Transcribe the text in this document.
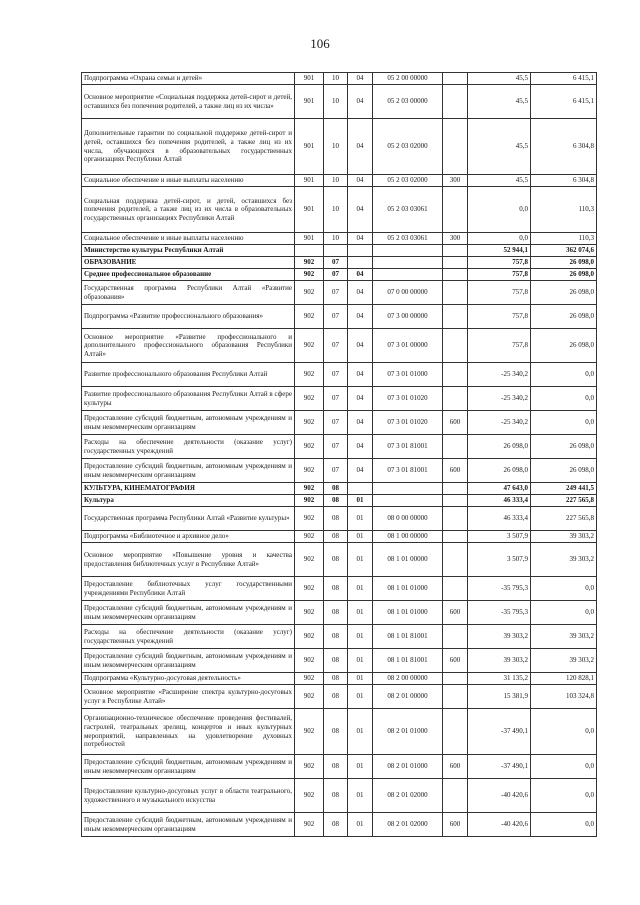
106
Подпрограмма «Охрана семьи и детей»	901	10	04	05 2 00 00000		45,5	6 415,1
Основное мероприятие «Социальная поддержка детей-сирот и детей, оставшихся без попечения родителей, а также лиц из их числа»	901	10	04	05 2 03 00000		45,5	6 415,1
Дополнительные гарантии по социальной поддержке детей-сирот и детей, оставшихся без попечения родителей, а также лиц из их числа, обучающихся в образовательных государственных организациях Республики Алтай	901	10	04	05 2 03 02000		45,5	6 304,8
Социальное обеспечение и иные выплаты населению	901	10	04	05 2 03 02000	300	45,5	6 304,8
Социальная поддержка детей-сирот, и детей, оставшихся без попечения родителей, а также лиц из их числа в образовательных государственных организациях Республики Алтай	901	10	04	05 2 03 03061		0,0	110,3
Социальное обеспечение и иные выплаты населению	901	10	04	05 2 03 03061	300	0,0	110,3
Министерство культуры Республики Алтай						52 944,1	362 074,6
ОБРАЗОВАНИЕ	902	07				757,8	26 098,0
Среднее профессиональное образование	902	07	04			757,8	26 098,0
Государственная программа Республики Алтай «Развитие образования»	902	07	04	07 0 00 00000		757,8	26 098,0
Подпрограмма «Развитие профессионального образования»	902	07	04	07 3 00 00000		757,8	26 098,0
Основное мероприятие «Развитие профессионального и дополнительного профессионального образования Республики Алтай»	902	07	04	07 3 01 00000		757,8	26 098,0
Развитие профессионального образования Республики Алтай	902	07	04	07 3 01 01000		-25 340,2	0,0
Развитие профессионального образования Республики Алтай в сфере культуры	902	07	04	07 3 01 01020		-25 340,2	0,0
Предоставление субсидий бюджетным, автономным учреждениям и иным некоммерческим организациям	902	07	04	07 3 01 01020	600	-25 340,2	0,0
Расходы на обеспечение деятельности (оказание услуг) государственных учреждений	902	07	04	07 3 01 81001		26 098,0	26 098,0
Предоставление субсидий бюджетным, автономным учреждениям и иным некоммерческим организациям	902	07	04	07 3 01 81001	600	26 098,0	26 098,0
КУЛЬТУРА, КИНЕМАТОГРАФИЯ	902	08				47 643,0	249 441,5
Культура	902	08	01			46 333,4	227 565,8
Государственная программа Республики Алтай «Развитие культуры»	902	08	01	08 0 00 00000		46 333,4	227 565,8
Подпрограмма «Библиотечное и архивное дело»	902	08	01	08 1 00 00000		3 507,9	39 303,2
Основное мероприятие «Повышение уровня и качества предоставления библиотечных услуг в Республике Алтай»	902	08	01	08 1 01 00000		3 507,9	39 303,2
Предоставление библиотечных услуг государственными учреждениями Республики Алтай	902	08	01	08 1 01 01000		-35 795,3	0,0
Предоставление субсидий бюджетным, автономным учреждениям и иным некоммерческим организациям	902	08	01	08 1 01 01000	600	-35 795,3	0,0
Расходы на обеспечение деятельности (оказание услуг) государственных учреждений	902	08	01	08 1 01 81001		39 303,2	39 303,2
Предоставление субсидий бюджетным, автономным учреждениям и иным некоммерческим организациям	902	08	01	08 1 01 81001	600	39 303,2	39 303,2
Подпрограмма «Культурно-досуговая деятельность»	902	08	01	08 2 00 00000		31 135,2	120 828,1
Основное мероприятие «Расширение спектра культурно-досуговых услуг в Республике Алтай»	902	08	01	08 2 01 00000		15 381,9	103 324,8
Организационно-техническое обеспечение проведения фестивалей, гастролей, театральных зрелищ, концертов и иных культурных мероприятий, направленных на удовлетворение духовных потребностей	902	08	01	08 2 01 01000		-37 490,1	0,0
Предоставление субсидий бюджетным, автономным учреждениям и иным некоммерческим организациям	902	08	01	08 2 01 01000	600	-37 490,1	0,0
Предоставление культурно-досуговых услуг в области театрального, художественного и музыкального искусства	902	08	01	08 2 01 02000		-40 420,6	0,0
Предоставление субсидий бюджетным, автономным учреждениям и иным некоммерческим организациям	902	08	01	08 2 01 02000	600	-40 420,6	0,0
